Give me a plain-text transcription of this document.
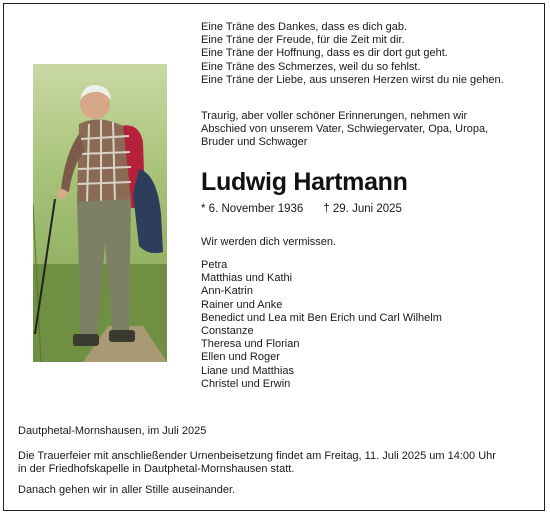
Eine Träne des Dankes, dass es dich gab.
Eine Träne der Freude, für die Zeit mit dir.
Eine Träne der Hoffnung, dass es dir dort gut geht.
Eine Träne des Schmerzes, weil du so fehlst.
Eine Träne der Liebe, aus unseren Herzen wirst du nie gehen.
Traurig, aber voller schöner Erinnerungen, nehmen wir
Abschied von unserem Vater, Schwiegervater, Opa, Uropa,
Bruder und Schwager
Ludwig Hartmann
* 6. November 1936 † 29. Juni 2025
Wir werden dich vermissen.
Petra
Matthias und Kathi
Ann-Katrin
Rainer und Anke
Benedict und Lea mit Ben Erich und Carl Wilhelm
Constanze
Theresa und Florian
Ellen und Roger
Liane und Matthias
Christel und Erwin
Dautphetal-Mornshausen, im Juli 2025
Die Trauerfeier mit anschließender Urnenbeisetzung findet am Freitag, 11. Juli 2025 um 14:00 Uhr
in der Friedhofskapelle in Dautphetal-Mornshausen statt.
Danach gehen wir in aller Stille auseinander.
